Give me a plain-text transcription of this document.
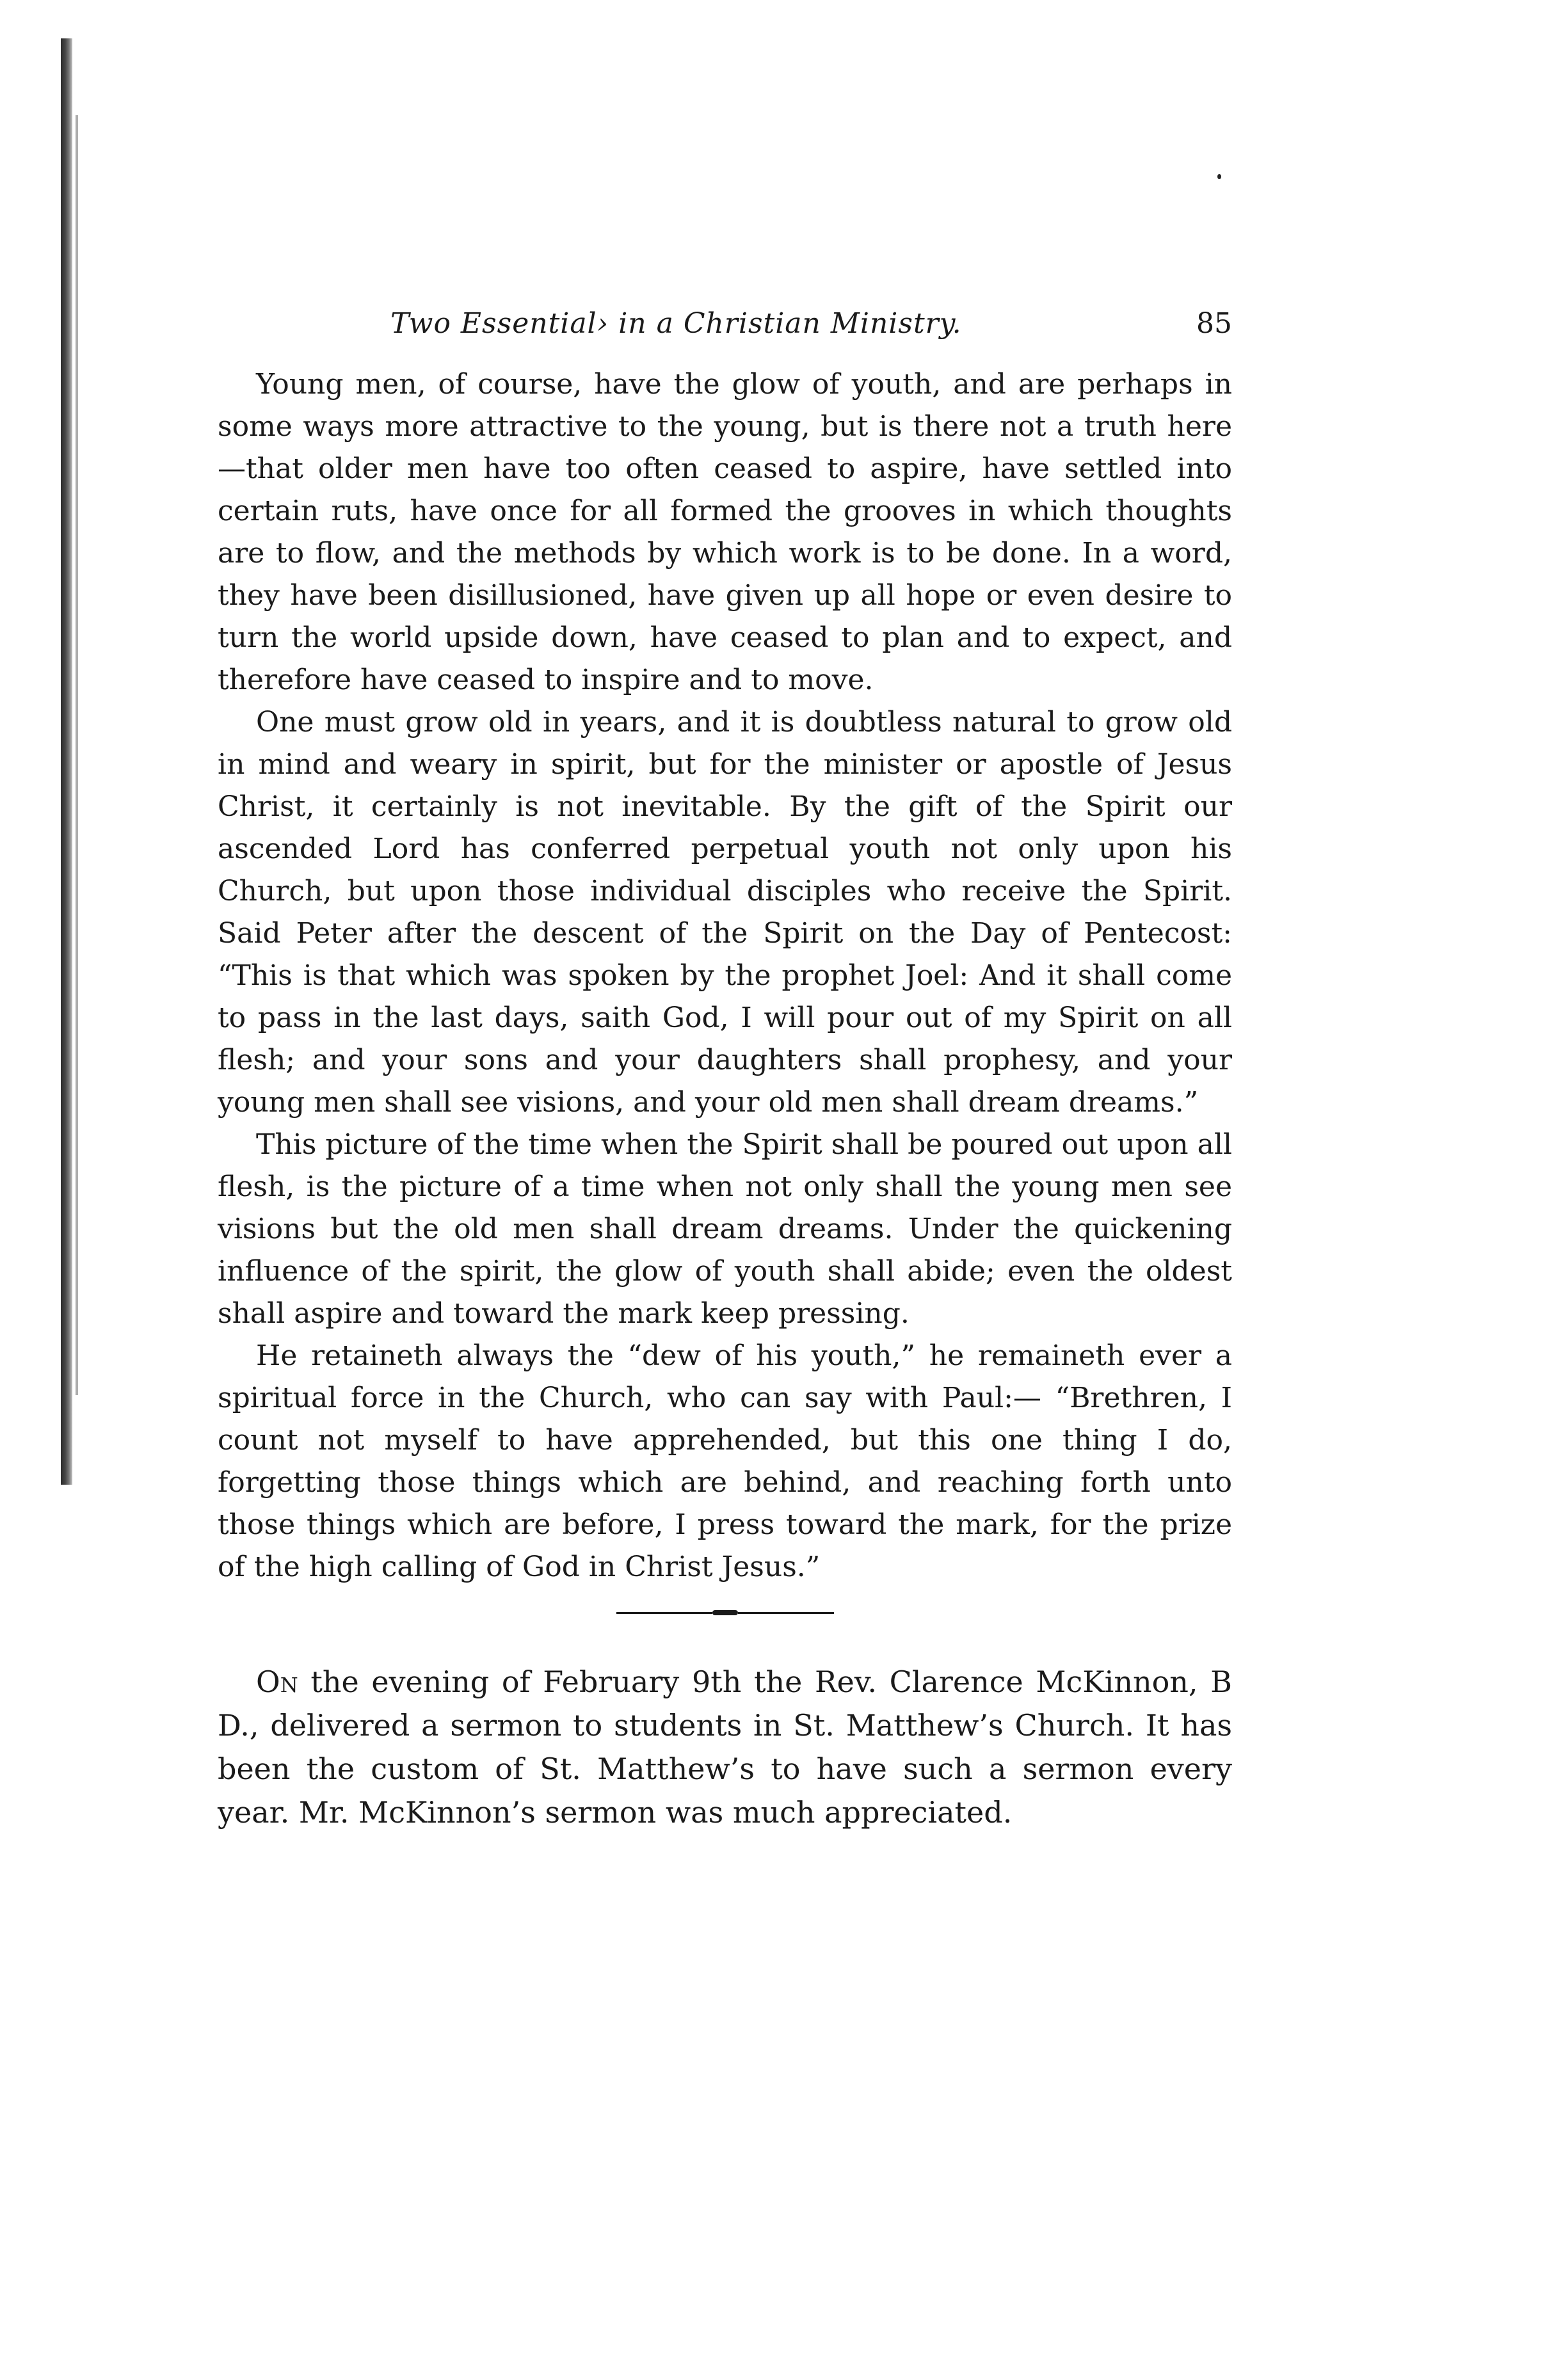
Two Essential› in a Christian Ministry.	85

Young men, of course, have the glow of youth, and are perhaps in some ways more attractive to the young, but is there not a truth here—that older men have too often ceased to aspire, have settled into certain ruts, have once for all formed the grooves in which thoughts are to flow, and the methods by which work is to be done. In a word, they have been disillusioned, have given up all hope or even desire to turn the world upside down, have ceased to plan and to expect, and therefore have ceased to inspire and to move.

One must grow old in years, and it is doubtless natural to grow old in mind and weary in spirit, but for the minister or apostle of Jesus Christ, it certainly is not inevitable. By the gift of the Spirit our ascended Lord has conferred perpetual youth not only upon his Church, but upon those individual disciples who receive the Spirit. Said Peter after the descent of the Spirit on the Day of Pentecost: “This is that which was spoken by the prophet Joel: And it shall come to pass in the last days, saith God, I will pour out of my Spirit on all flesh; and your sons and your daughters shall prophesy, and your young men shall see visions, and your old men shall dream dreams.”

This picture of the time when the Spirit shall be poured out upon all flesh, is the picture of a time when not only shall the young men see visions but the old men shall dream dreams. Under the quickening influence of the spirit, the glow of youth shall abide; even the oldest shall aspire and toward the mark keep pressing.

He retaineth always the “dew of his youth,” he remaineth ever a spiritual force in the Church, who can say with Paul:— “Brethren, I count not myself to have apprehended, but this one thing I do, forgetting those things which are behind, and reaching forth unto those things which are before, I press toward the mark, for the prize of the high calling of God in Christ Jesus.”

On the evening of February 9th the Rev. Clarence McKinnon, B D., delivered a sermon to students in St. Matthew’s Church. It has been the custom of St. Matthew’s to have such a sermon every year. Mr. McKinnon’s sermon was much appreciated.
